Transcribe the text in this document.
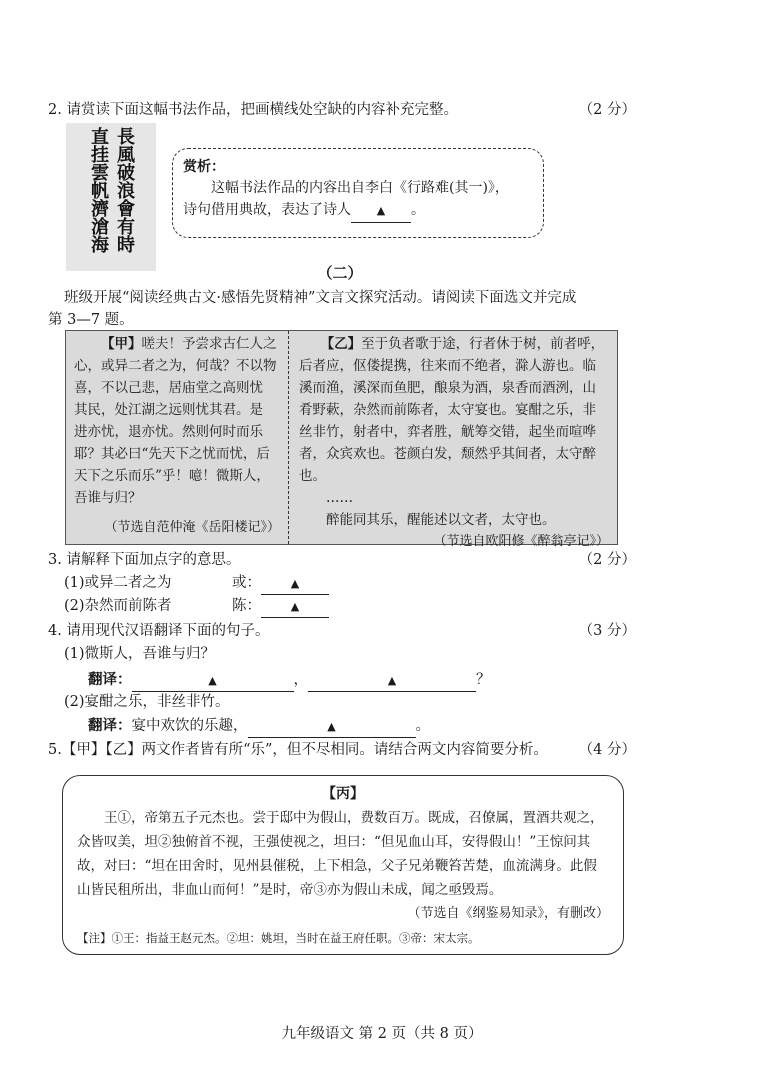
2. 请赏读下面这幅书法作品，把画横线处空缺的内容补充完整。	（2 分）
長風破浪會有時
直挂雲帆濟滄海	赏析：
这幅书法作品的内容出自李白《行路难(其一)》，
诗句借用典故，表达了诗人 ▲ 。
（二）
班级开展“阅读经典古文·感悟先贤精神”文言文探究活动。请阅读下面选文并完成
第 3—7 题。
【甲】嗟夫！予尝求古仁人之
心，或异二者之为，何哉？不以物
喜，不以己悲，居庙堂之高则忧
其民，处江湖之远则忧其君。是
进亦忧，退亦忧。然则何时而乐
耶？其必曰“先天下之忧而忧，后
天下之乐而乐”乎！噫！微斯人，
吾谁与归？
（节选自范仲淹《岳阳楼记》）
【乙】至于负者歌于途，行者休于树，前者呼，
后者应，伛偻提携，往来而不绝者，滁人游也。临
溪而渔，溪深而鱼肥，酿泉为酒，泉香而酒洌，山
肴野蔌，杂然而前陈者，太守宴也。宴酣之乐，非
丝非竹，射者中，弈者胜，觥筹交错，起坐而喧哗
者，众宾欢也。苍颜白发，颓然乎其间者，太守醉也。
……
醉能同其乐，醒能述以文者，太守也。
（节选自欧阳修《醉翁亭记》）
3. 请解释下面加点字的意思。	（2 分）
(1)或异二者之为	或：	▲
(2)杂然而前陈者	陈：	▲
4. 请用现代汉语翻译下面的句子。	（3 分）
(1)微斯人，吾谁与归？
翻译：	▲	，	▲	？
(2)宴酣之乐，非丝非竹。
翻译：宴中欢饮的乐趣，	▲	。
5.【甲】【乙】两文作者皆有所“乐”，但不尽相同。请结合两文内容简要分析。 （4 分）
【丙】
王①，帝第五子元杰也。尝于邸中为假山，费数百万。既成，召僚属，置酒共观之，
众皆叹美，坦②独俯首不视，王强使视之，坦曰：“但见血山耳，安得假山！”王惊问其
故，对曰：“坦在田舍时，见州县催税，上下相急，父子兄弟鞭笞苦楚，血流满身。此假
山皆民租所出，非血山而何！”是时，帝③亦为假山未成，闻之亟毁焉。
（节选自《纲鉴易知录》，有删改）
【注】①王：指益王赵元杰。②坦：姚坦，当时在益王府任职。③帝：宋太宗。
九年级语文 第 2 页（共 8 页）
